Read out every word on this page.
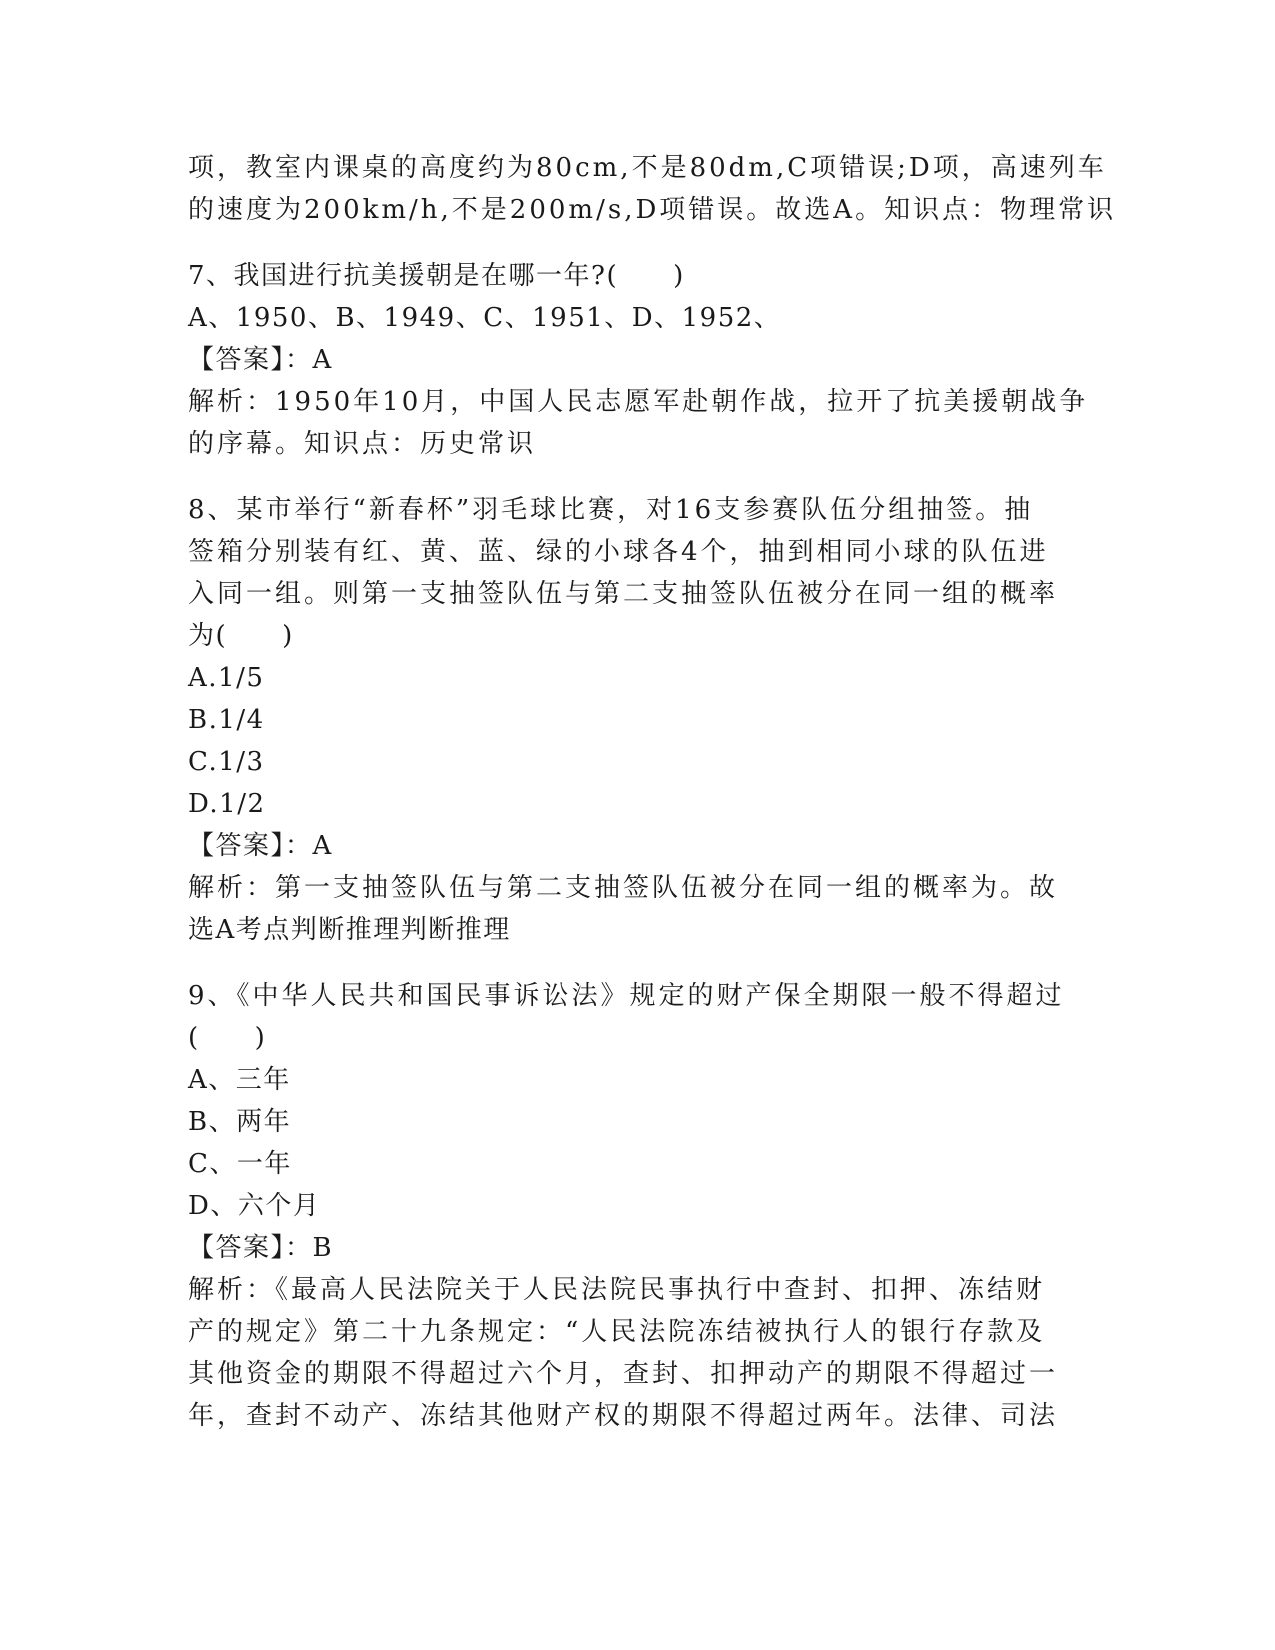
项，教室内课桌的高度约为80cm,不是80dm,C项错误;D项，高速列车
的速度为200km/h,不是200m/s,D项错误。故选A。知识点：物理常识
7、我国进行抗美援朝是在哪一年?(　　)
A、1950、B、1949、C、1951、D、1952、
【答案】：A
解析：1950年10月，中国人民志愿军赴朝作战，拉开了抗美援朝战争
的序幕。知识点：历史常识
8、某市举行“新春杯”羽毛球比赛，对16支参赛队伍分组抽签。抽
签箱分别装有红、黄、蓝、绿的小球各4个，抽到相同小球的队伍进
入同一组。则第一支抽签队伍与第二支抽签队伍被分在同一组的概率
为(　　)
A.1/5
B.1/4
C.1/3
D.1/2
【答案】：A
解析：第一支抽签队伍与第二支抽签队伍被分在同一组的概率为。故
选A考点判断推理判断推理
9、《中华人民共和国民事诉讼法》规定的财产保全期限一般不得超过
(　　)
A、三年
B、两年
C、一年
D、六个月
【答案】：B
解析：《最高人民法院关于人民法院民事执行中查封、扣押、冻结财
产的规定》第二十九条规定：“人民法院冻结被执行人的银行存款及
其他资金的期限不得超过六个月，查封、扣押动产的期限不得超过一
年，查封不动产、冻结其他财产权的期限不得超过两年。法律、司法
